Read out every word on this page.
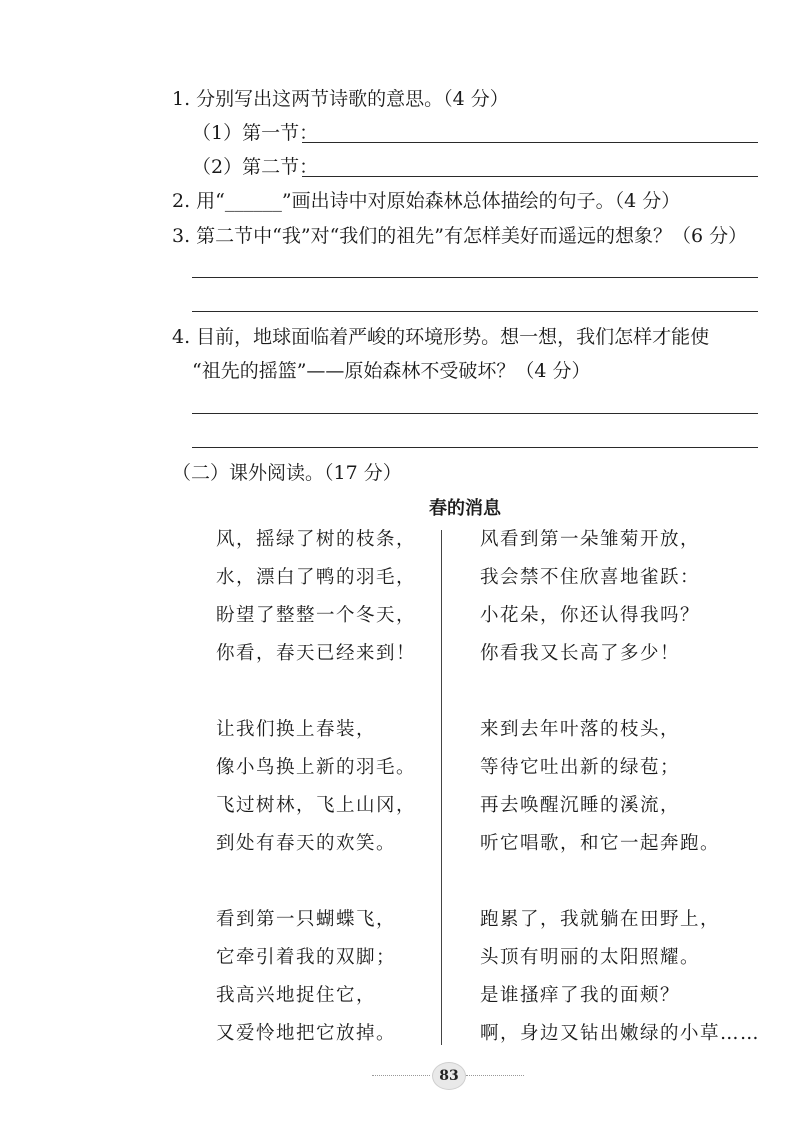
1. 分别写出这两节诗歌的意思。（4 分）
（1）第一节：
（2）第二节：
2. 用“______”画出诗中对原始森林总体描绘的句子。（4 分）
3. 第二节中“我”对“我们的祖先”有怎样美好而遥远的想象？（6 分）
4. 目前，地球面临着严峻的环境形势。想一想，我们怎样才能使
“祖先的摇篮”——原始森林不受破坏？（4 分）
（二）课外阅读。（17 分）
春的消息
风，摇绿了树的枝条，
水，漂白了鸭的羽毛，
盼望了整整一个冬天，
你看，春天已经来到！
让我们换上春装，
像小鸟换上新的羽毛。
飞过树林，飞上山冈，
到处有春天的欢笑。
看到第一只蝴蝶飞，
它牵引着我的双脚；
我高兴地捉住它，
又爱怜地把它放掉。
风看到第一朵雏菊开放，
我会禁不住欣喜地雀跃：
小花朵，你还认得我吗？
你看我又长高了多少！
来到去年叶落的枝头，
等待它吐出新的绿苞；
再去唤醒沉睡的溪流，
听它唱歌，和它一起奔跑。
跑累了，我就躺在田野上，
头顶有明丽的太阳照耀。
是谁搔痒了我的面颊？
啊，身边又钻出嫩绿的小草……
83
